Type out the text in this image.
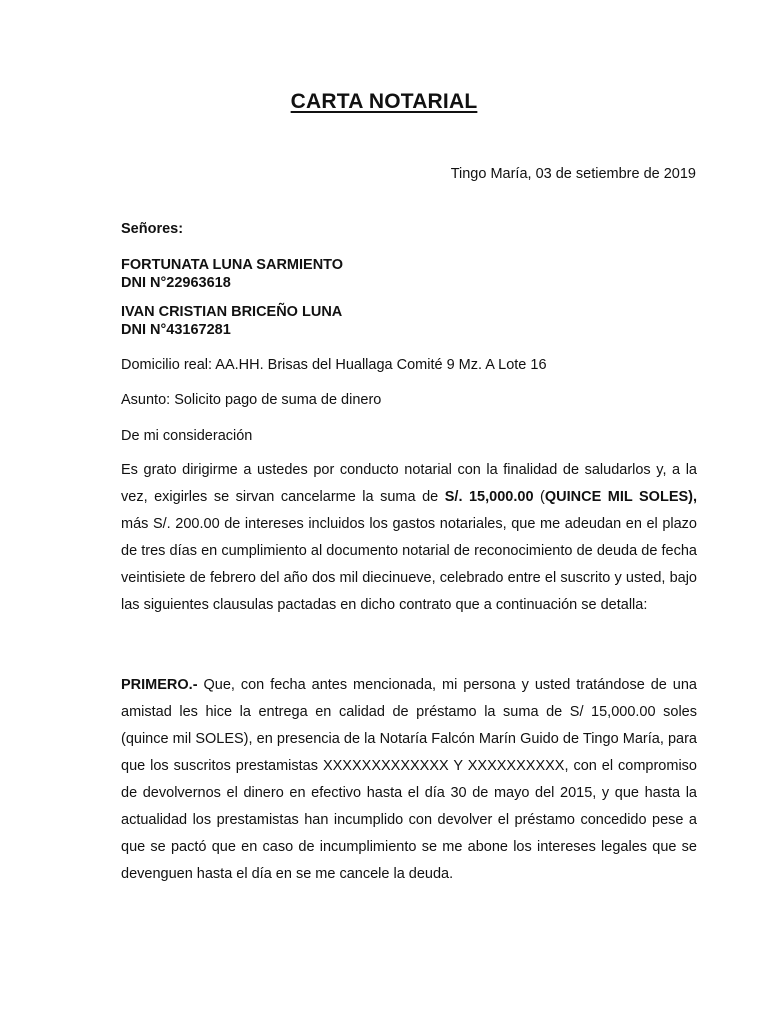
CARTA NOTARIAL
Tingo María, 03 de setiembre de 2019
Señores:
FORTUNATA LUNA SARMIENTO
DNI N°22963618
IVAN CRISTIAN BRICEÑO LUNA
DNI N°43167281
Domicilio real: AA.HH. Brisas del Huallaga Comité 9 Mz. A Lote 16
Asunto: Solicito pago de suma de dinero
De mi consideración
Es grato dirigirme a ustedes por conducto notarial con la finalidad de saludarlos y, a la vez, exigirles se sirvan cancelarme la suma de S/. 15,000.00 (QUINCE MIL SOLES), más S/. 200.00 de intereses incluidos los gastos notariales, que me adeudan en el plazo de tres días en cumplimiento al documento notarial de reconocimiento de deuda de fecha veintisiete de febrero del año dos mil diecinueve, celebrado entre el suscrito y usted, bajo las siguientes clausulas pactadas en dicho contrato que a continuación se detalla:
PRIMERO.- Que, con fecha antes mencionada, mi persona y usted tratándose de una amistad les hice la entrega en calidad de préstamo la suma de S/ 15,000.00 soles (quince mil SOLES), en presencia de la Notaría Falcón Marín Guido de Tingo María, para que los suscritos prestamistas XXXXXXXXXXXXX Y XXXXXXXXXX, con el compromiso de devolvernos el dinero en efectivo hasta el día 30 de mayo del 2015, y que hasta la actualidad los prestamistas han incumplido con devolver el préstamo concedido pese a que se pactó que en caso de incumplimiento se me abone los intereses legales que se devenguen hasta el día en se me cancele la deuda.
